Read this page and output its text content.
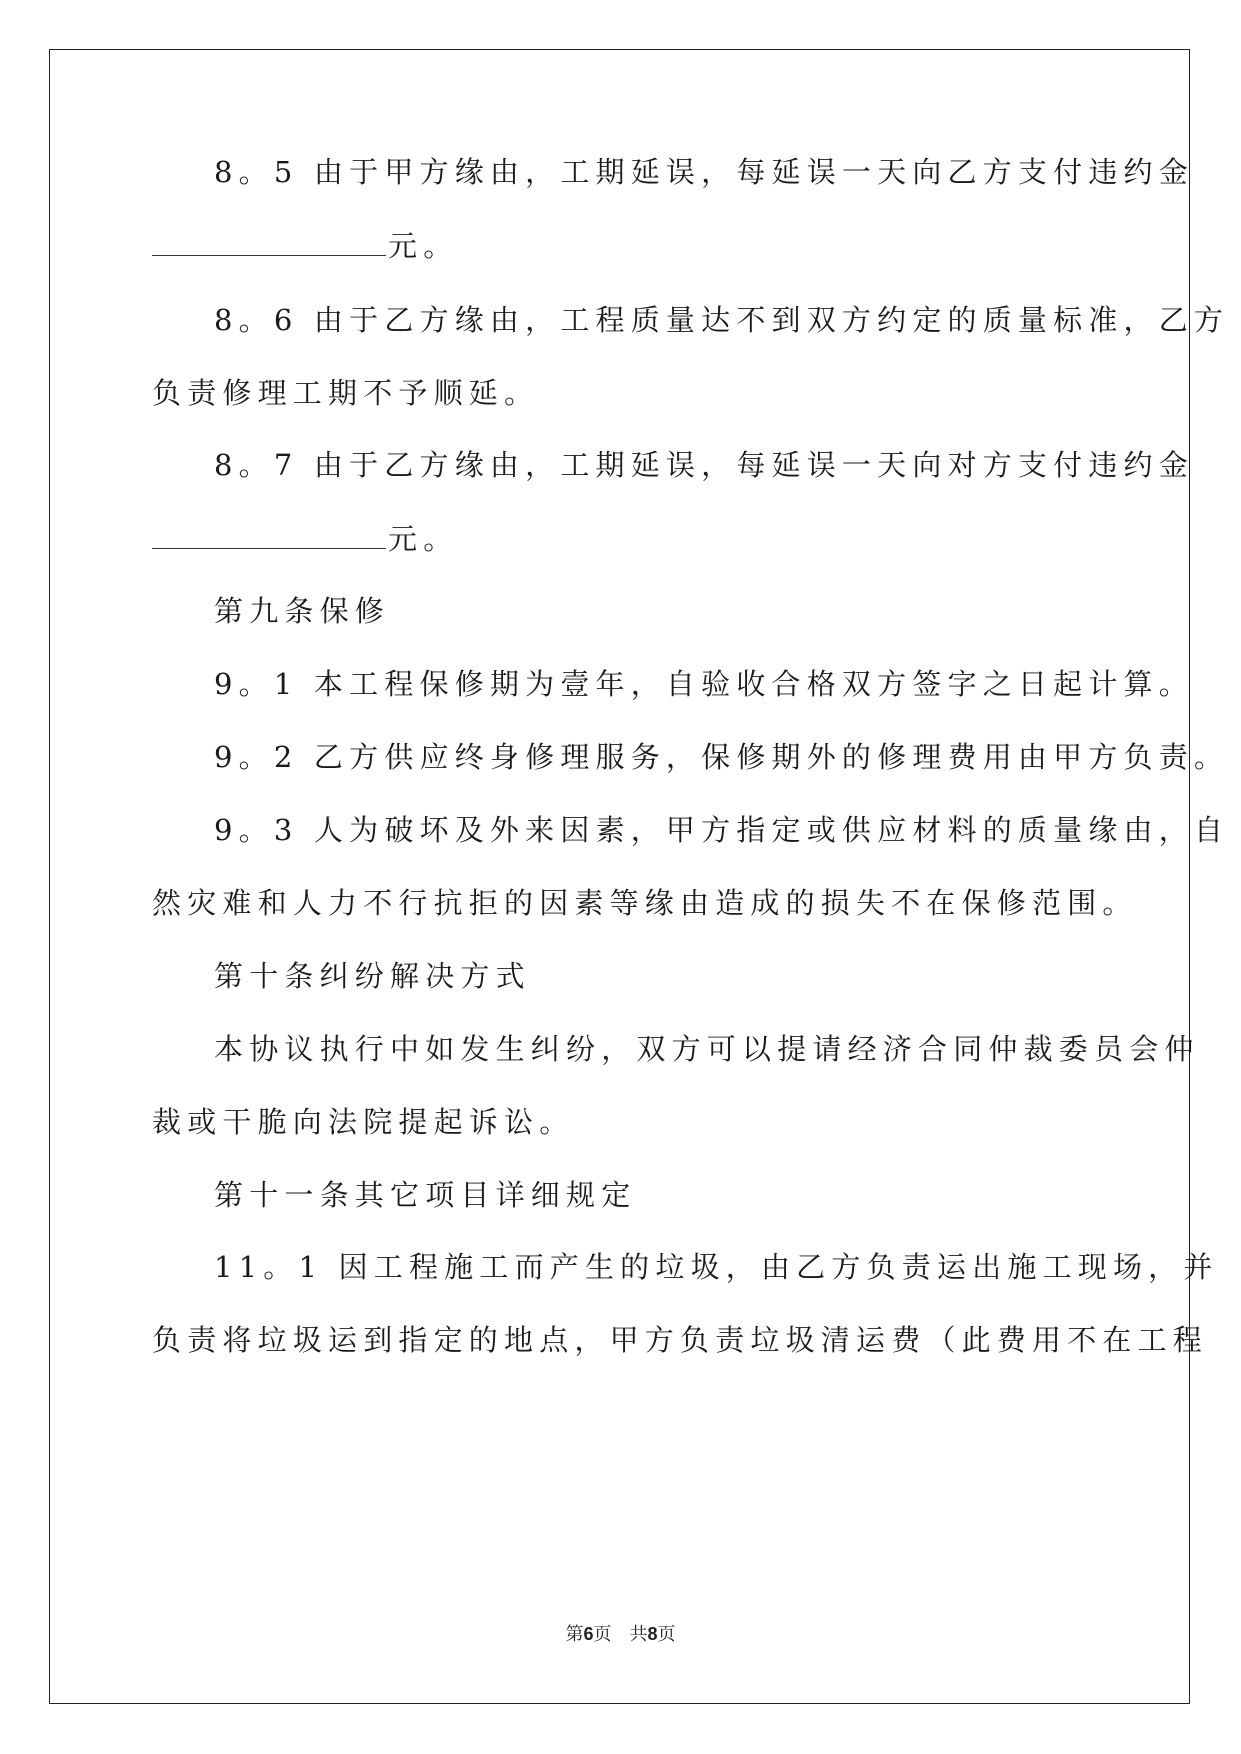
8。5 由于甲方缘由，工期延误，每延误一天向乙方支付违约金
元。
8。6 由于乙方缘由，工程质量达不到双方约定的质量标准，乙方
负责修理工期不予顺延。
8。7 由于乙方缘由，工期延误，每延误一天向对方支付违约金
元。
第九条保修
9。1 本工程保修期为壹年，自验收合格双方签字之日起计算。
9。2 乙方供应终身修理服务，保修期外的修理费用由甲方负责。
9。3 人为破坏及外来因素，甲方指定或供应材料的质量缘由，自
然灾难和人力不行抗拒的因素等缘由造成的损失不在保修范围。
第十条纠纷解决方式
本协议执行中如发生纠纷，双方可以提请经济合同仲裁委员会仲
裁或干脆向法院提起诉讼。
第十一条其它项目详细规定
11。1 因工程施工而产生的垃圾，由乙方负责运出施工现场，并
负责将垃圾运到指定的地点，甲方负责垃圾清运费（此费用不在工程
第6页　共8页
